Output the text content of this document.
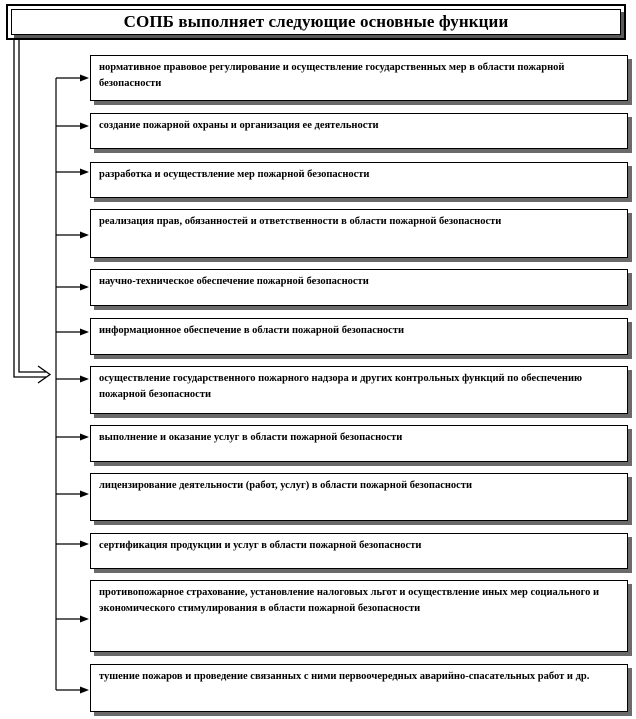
СОПБ выполняет следующие основные функции
нормативное правовое регулирование и осуществление государственных мер в области пожарной безопасности
создание пожарной охраны и организация ее деятельности
разработка и осуществление мер пожарной безопасности
реализация прав, обязанностей и ответственности в области пожарной безопасности
научно-техническое обеспечение пожарной безопасности
информационное обеспечение в области пожарной безопасности
осуществление государственного пожарного надзора и других контрольных функций по обеспечению пожарной безопасности
выполнение и оказание услуг в области пожарной безопасности
лицензирование деятельности (работ, услуг) в области пожарной безопасности
сертификация продукции и услуг в области пожарной безопасности
противопожарное страхование, установление налоговых льгот и осуществление иных мер социального и экономического стимулирования в области пожарной безопасности
тушение пожаров и проведение связанных с ними первоочередных аварийно-спасательных работ и др.
